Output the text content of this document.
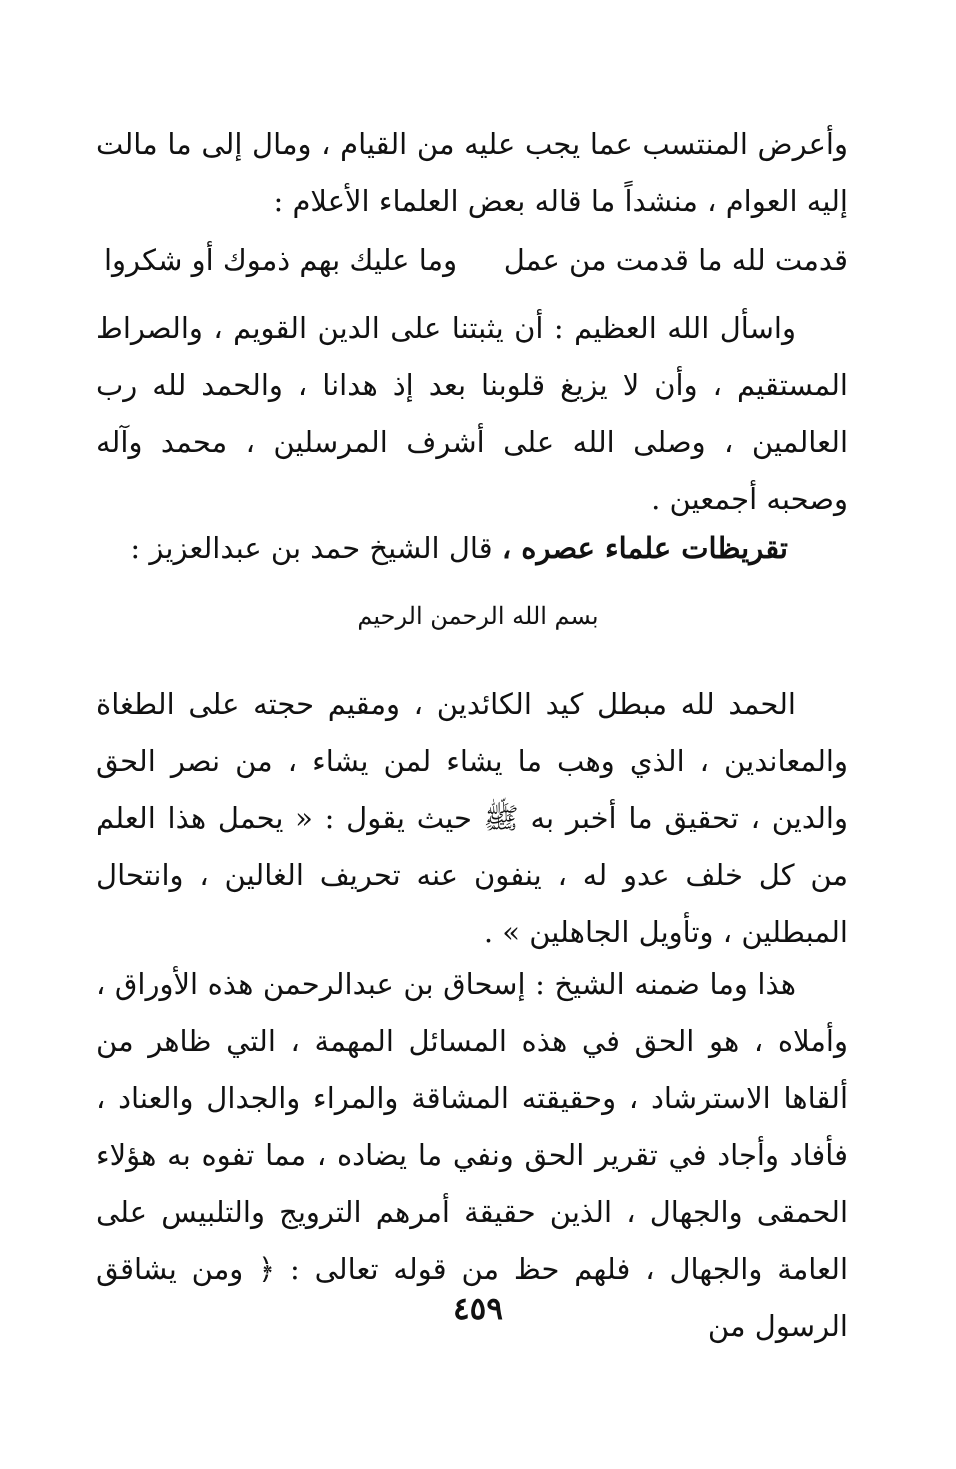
وأعرض المنتسب عما يجب عليه من القيام ، ومال إلى ما مالت إليه العوام ، منشداً ما قاله بعض العلماء الأعلام :

قدمت لله ما قدمت من عمل
وما عليك بهم ذموك أو شكروا

واسأل الله العظيم : أن يثبتنا على الدين القويم ، والصراط المستقيم ، وأن لا يزيغ قلوبنا بعد إذ هدانا ، والحمد لله رب العالمين ، وصلى الله على أشرف المرسلين ، محمد وآله وصحبه أجمعين .

تقريظات علماء عصره ، قال الشيخ حمد بن عبدالعزيز :
بسم الله الرحمن الرحيم

الحمد لله مبطل كيد الكائدين ، ومقيم حجته على الطغاة والمعاندين ، الذي وهب ما يشاء لمن يشاء ، من نصر الحق والدين ، تحقيق ما أخبر به ﷺ حيث يقول : « يحمل هذا العلم من كل خلف عدو له ، ينفون عنه تحريف الغالين ، وانتحال المبطلين ، وتأويل الجاهلين » .

هذا وما ضمنه الشيخ : إسحاق بن عبدالرحمن هذه الأوراق ، وأملاه ، هو الحق في هذه المسائل المهمة ، التي ظاهر من ألقاها الاسترشاد ، وحقيقته المشاقة والمراء والجدال والعناد ، فأفاد وأجاد في تقرير الحق ونفي ما يضاده ، مما تفوه به هؤلاء الحمقى والجهال ، الذين حقيقة أمرهم الترويج والتلبيس على العامة والجهال ، فلهم حظ من قوله تعالى : ﴿ ومن يشاقق الرسول من

٤٥٩
